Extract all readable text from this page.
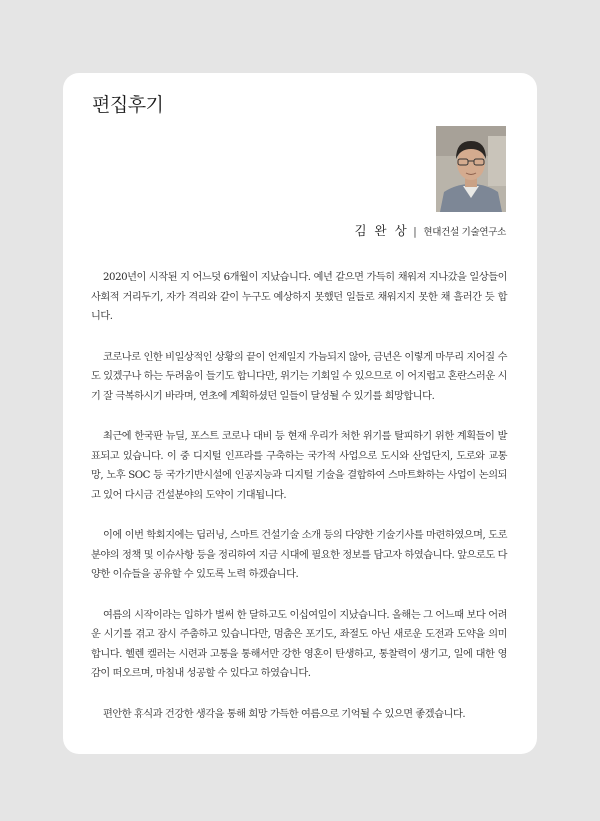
편집후기
김 완 상 | 현대건설 기술연구소

2020년이 시작된 지 어느덧 6개월이 지났습니다. 예년 같으면 가득히 채워져 지나갔을 일상들이 사회적 거리두기, 자가 격리와 같이 누구도 예상하지 못했던 일들로 채워지지 못한 채 흘러간 듯 합니다.

코로나로 인한 비일상적인 상황의 끝이 언제일지 가늠되지 않아, 금년은 이렇게 마무리 지어질 수도 있겠구나 하는 두려움이 들기도 합니다만, 위기는 기회일 수 있으므로 이 어지럽고 혼란스러운 시기 잘 극복하시기 바라며, 연초에 계획하셨던 일들이 달성될 수 있기를 희망합니다.

최근에 한국판 뉴딜, 포스트 코로나 대비 등 현재 우리가 처한 위기를 탈피하기 위한 계획들이 발표되고 있습니다. 이 중 디지털 인프라를 구축하는 국가적 사업으로 도시와 산업단지, 도로와 교통망, 노후 SOC 등 국가기반시설에 인공지능과 디지털 기술을 결합하여 스마트화하는 사업이 논의되고 있어 다시금 건설분야의 도약이 기대됩니다.

이에 이번 학회지에는 딥러닝, 스마트 건설기술 소개 등의 다양한 기술기사를 마련하였으며, 도로분야의 정책 및 이슈사항 등을 정리하여 지금 시대에 필요한 정보를 담고자 하였습니다. 앞으로도 다양한 이슈들을 공유할 수 있도록 노력 하겠습니다.

여름의 시작이라는 입하가 벌써 한 달하고도 이십여일이 지났습니다. 올해는 그 어느때 보다 어려운 시기를 겪고 잠시 주춤하고 있습니다만, 멈춤은 포기도, 좌절도 아닌 새로운 도전과 도약을 의미합니다. 헬렌 켈러는 시련과 고통을 통해서만 강한 영혼이 탄생하고, 통찰력이 생기고, 일에 대한 영감이 떠오르며, 마침내 성공할 수 있다고 하였습니다.

편안한 휴식과 건강한 생각을 통해 희망 가득한 여름으로 기억될 수 있으면 좋겠습니다.
